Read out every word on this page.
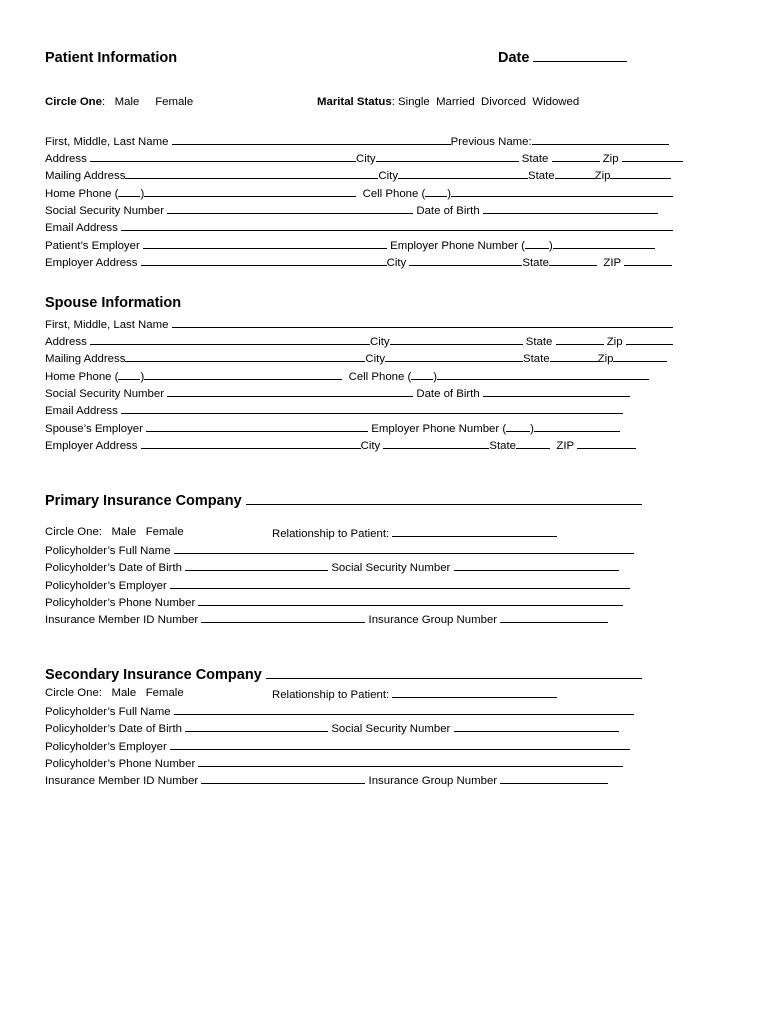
Patient Information	Date
Circle One: Male Female	Marital Status: Single Married Divorced Widowed
First, Middle, Last Name	Previous Name:
Address	City	State	Zip
Mailing Address	City	State	Zip
Home Phone ( )	Cell Phone ( )
Social Security Number	Date of Birth
Email Address
Patient’s Employer	Employer Phone Number ( )
Employer Address	City	State	ZIP
Spouse Information
First, Middle, Last Name
Address	City	State	Zip
Mailing Address	City	State	Zip
Home Phone ( )	Cell Phone ( )
Social Security Number	Date of Birth
Email Address
Spouse’s Employer	Employer Phone Number ( )
Employer Address	City	State	ZIP
Primary Insurance Company
Circle One: Male Female	Relationship to Patient:
Policyholder’s Full Name
Policyholder’s Date of Birth	Social Security Number
Policyholder’s Employer
Policyholder’s Phone Number
Insurance Member ID Number	Insurance Group Number
Secondary Insurance Company
Circle One: Male Female	Relationship to Patient:
Policyholder’s Full Name
Policyholder’s Date of Birth	Social Security Number
Policyholder’s Employer
Policyholder’s Phone Number
Insurance Member ID Number	Insurance Group Number
